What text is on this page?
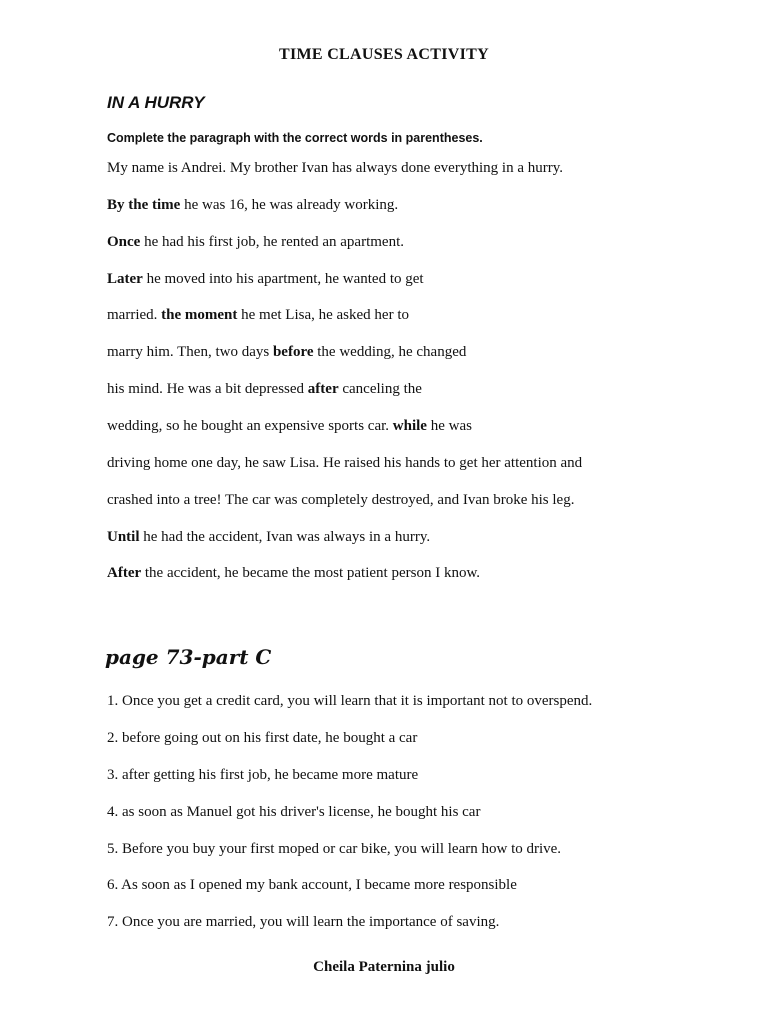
TIME CLAUSES ACTIVITY
IN A HURRY
Complete the paragraph with the correct words in parentheses.
My name is Andrei. My brother Ivan has always done everything in a hurry.
By the time he was 16, he was already working.
Once he had his first job, he rented an apartment.
Later he moved into his apartment, he wanted to get
married. the moment he met Lisa, he asked her to
marry him. Then, two days before the wedding, he changed
his mind. He was a bit depressed after canceling the
wedding, so he bought an expensive sports car. while he was
driving home one day, he saw Lisa. He raised his hands to get her attention and
crashed into a tree! The car was completely destroyed, and Ivan broke his leg.
Until he had the accident, Ivan was always in a hurry.
After the accident, he became the most patient person I know.
page 73-part C
1. Once you get a credit card, you will learn that it is important not to overspend.
2. before going out on his first date, he bought a car
3. after getting his first job, he became more mature
4. as soon as Manuel got his driver's license, he bought his car
5. Before you buy your first moped or car bike, you will learn how to drive.
6. As soon as I opened my bank account, I became more responsible
7. Once you are married, you will learn the importance of saving.
Cheila Paternina julio
